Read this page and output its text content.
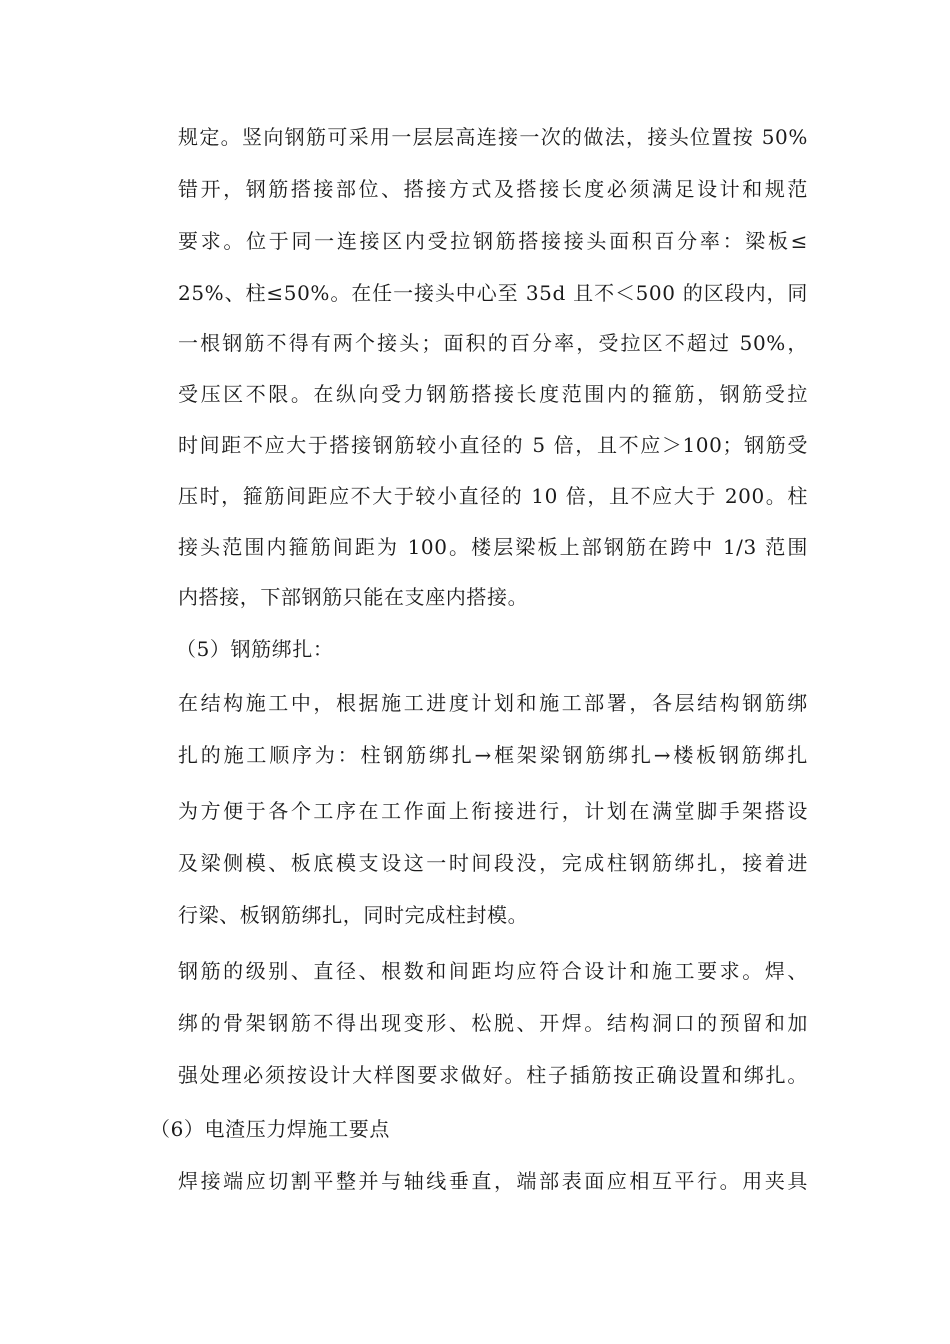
规定。竖向钢筋可采用一层层高连接一次的做法，接头位置按 50%
错开，钢筋搭接部位、搭接方式及搭接长度必须满足设计和规范
要求。位于同一连接区内受拉钢筋搭接接头面积百分率：梁板≤
25%、柱≤50%。在任一接头中心至 35d 且不＜500 的区段内，同
一根钢筋不得有两个接头；面积的百分率，受拉区不超过 50%，
受压区不限。在纵向受力钢筋搭接长度范围内的箍筋，钢筋受拉
时间距不应大于搭接钢筋较小直径的 5 倍，且不应＞100；钢筋受
压时，箍筋间距应不大于较小直径的 10 倍，且不应大于 200。柱
接头范围内箍筋间距为 100。楼层梁板上部钢筋在跨中 1/3 范围
内搭接，下部钢筋只能在支座内搭接。
（5）钢筋绑扎：
在结构施工中，根据施工进度计划和施工部署，各层结构钢筋绑
扎的施工顺序为：柱钢筋绑扎→框架梁钢筋绑扎→楼板钢筋绑扎
为方便于各个工序在工作面上衔接进行，计划在满堂脚手架搭设
及梁侧模、板底模支设这一时间段没，完成柱钢筋绑扎，接着进
行梁、板钢筋绑扎，同时完成柱封模。
钢筋的级别、直径、根数和间距均应符合设计和施工要求。焊、
绑的骨架钢筋不得出现变形、松脱、开焊。结构洞口的预留和加
强处理必须按设计大样图要求做好。柱子插筋按正确设置和绑扎。
（6）电渣压力焊施工要点
焊接端应切割平整并与轴线垂直，端部表面应相互平行。用夹具
